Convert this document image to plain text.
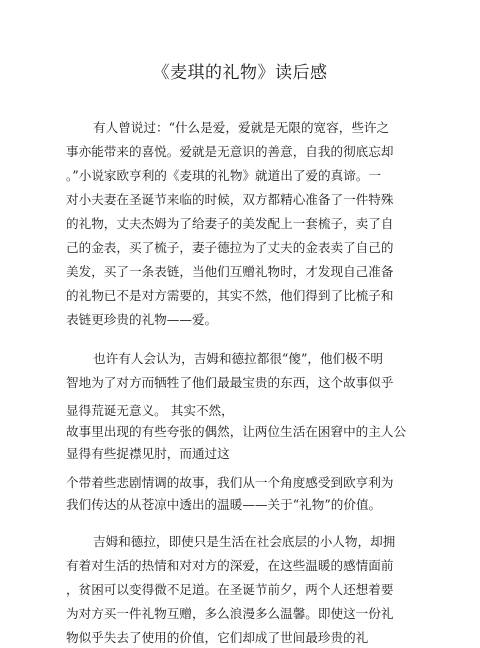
《麦琪的礼物》读后感

有人曾说过：“什么是爱，爱就是无限的宽容，些许之

事亦能带来的喜悦。爱就是无意识的善意，自我的彻底忘却

。”小说家欧亨利的《麦琪的礼物》就道出了爱的真谛。一

对小夫妻在圣诞节来临的时候，双方都精心准备了一件特殊

的礼物，丈夫杰姆为了给妻子的美发配上一套梳子，卖了自

己的金表，买了梳子，妻子德拉为了丈夫的金表卖了自己的

美发，买了一条表链，当他们互赠礼物时，才发现自己准备

的礼物已不是对方需要的，其实不然，他们得到了比梳子和

表链更珍贵的礼物——爱。

也许有人会认为，吉姆和德拉都很“傻”，他们极不明

智地为了对方而牺牲了他们最最宝贵的东西，这个故事似乎

显得荒诞无意义。 其实不然，

故事里出现的有些夸张的偶然，让两位生活在困窘中的主人公

显得有些捉襟见肘，而通过这

个带着些悲剧情调的故事，我们从一个角度感受到欧亨利为

我们传达的从苍凉中透出的温暖——关于“礼物”的价值。

吉姆和德拉，即使只是生活在社会底层的小人物，却拥

有着对生活的热情和对对方的深爱，在这些温暖的感情面前

，贫困可以变得微不足道。在圣诞节前夕，两个人还想着要

为对方买一件礼物互赠，多么浪漫多么温馨。即使这一份礼

物似乎失去了使用的价值，它们却成了世间最珍贵的礼
